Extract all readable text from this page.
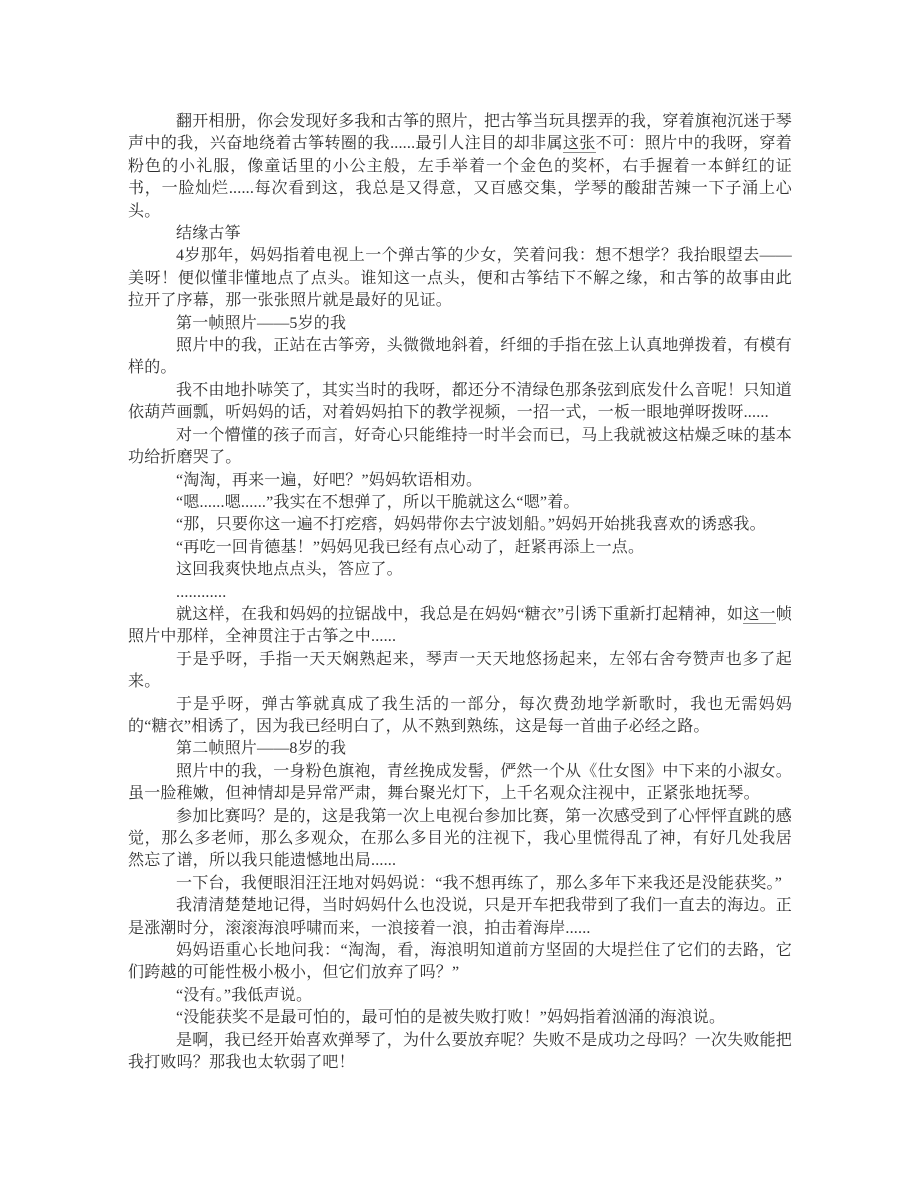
翻开相册，你会发现好多我和古筝的照片，把古筝当玩具摆弄的我，穿着旗袍沉迷于琴声中的我，兴奋地绕着古筝转圈的我......最引人注目的却非属这张不可：照片中的我呀，穿着粉色的小礼服，像童话里的小公主般，左手举着一个金色的奖杯，右手握着一本鲜红的证书，一脸灿烂......每次看到这，我总是又得意，又百感交集，学琴的酸甜苦辣一下子涌上心头。

结缘古筝

4岁那年，妈妈指着电视上一个弹古筝的少女，笑着问我：想不想学？我抬眼望去——美呀！便似懂非懂地点了点头。谁知这一点头，便和古筝结下不解之缘，和古筝的故事由此拉开了序幕，那一张张照片就是最好的见证。

第一帧照片——5岁的我

照片中的我，正站在古筝旁，头微微地斜着，纤细的手指在弦上认真地弹拨着，有模有样的。

我不由地扑哧笑了，其实当时的我呀，都还分不清绿色那条弦到底发什么音呢！只知道依葫芦画瓢，听妈妈的话，对着妈妈拍下的教学视频，一招一式，一板一眼地弹呀拨呀......

对一个懵懂的孩子而言，好奇心只能维持一时半会而已，马上我就被这枯燥乏味的基本功给折磨哭了。

“淘淘，再来一遍，好吧？”妈妈软语相劝。

“嗯......嗯......”我实在不想弹了，所以干脆就这么“嗯”着。

“那，只要你这一遍不打疙瘩，妈妈带你去宁波划船。”妈妈开始挑我喜欢的诱惑我。

“再吃一回肯德基！”妈妈见我已经有点心动了，赶紧再添上一点。

这回我爽快地点点头，答应了。

............

就这样，在我和妈妈的拉锯战中，我总是在妈妈“糖衣”引诱下重新打起精神，如这一帧照片中那样，全神贯注于古筝之中......

于是乎呀，手指一天天娴熟起来，琴声一天天地悠扬起来，左邻右舍夸赞声也多了起来。

于是乎呀，弹古筝就真成了我生活的一部分，每次费劲地学新歌时，我也无需妈妈的“糖衣”相诱了，因为我已经明白了，从不熟到熟练，这是每一首曲子必经之路。

第二帧照片——8岁的我

照片中的我，一身粉色旗袍，青丝挽成发髻，俨然一个从《仕女图》中下来的小淑女。虽一脸稚嫩，但神情却是异常严肃，舞台聚光灯下，上千名观众注视中，正紧张地抚琴。

参加比赛吗？是的，这是我第一次上电视台参加比赛，第一次感受到了心怦怦直跳的感觉，那么多老师，那么多观众，在那么多目光的注视下，我心里慌得乱了神，有好几处我居然忘了谱，所以我只能遗憾地出局......

一下台，我便眼泪汪汪地对妈妈说：“我不想再练了，那么多年下来我还是没能获奖。”

我清清楚楚地记得，当时妈妈什么也没说，只是开车把我带到了我们一直去的海边。正是涨潮时分，滚滚海浪呼啸而来，一浪接着一浪，拍击着海岸......

妈妈语重心长地问我：“淘淘，看，海浪明知道前方坚固的大堤拦住了它们的去路，它们跨越的可能性极小极小，但它们放弃了吗？”

“没有。”我低声说。

“没能获奖不是最可怕的，最可怕的是被失败打败！”妈妈指着汹涌的海浪说。

是啊，我已经开始喜欢弹琴了，为什么要放弃呢？失败不是成功之母吗？一次失败能把我打败吗？那我也太软弱了吧！
